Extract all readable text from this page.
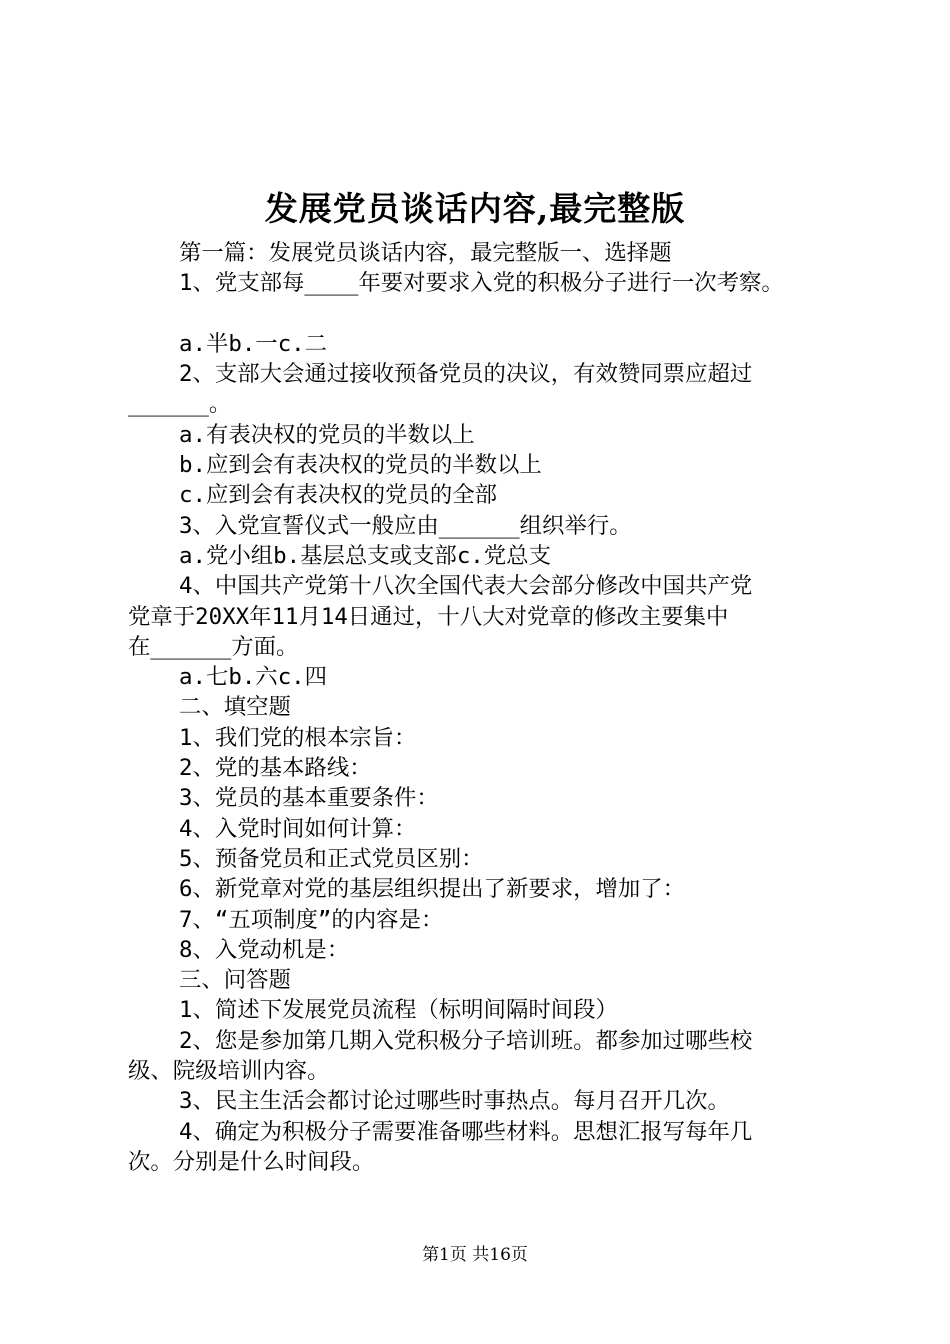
发展党员谈话内容,最完整版
第一篇：发展党员谈话内容，最完整版一、选择题
1、党支部每____年要对要求入党的积极分子进行一次考察。
a.半b.一c.二
2、支部大会通过接收预备党员的决议，有效赞同票应超过
______。
a.有表决权的党员的半数以上
b.应到会有表决权的党员的半数以上
c.应到会有表决权的党员的全部
3、入党宣誓仪式一般应由______组织举行。
a.党小组b.基层总支或支部c.党总支
4、中国共产党第十八次全国代表大会部分修改中国共产党
党章于20XX年11月14日通过，十八大对党章的修改主要集中
在______方面。
a.七b.六c.四
二、填空题
1、我们党的根本宗旨：
2、党的基本路线：
3、党员的基本重要条件：
4、入党时间如何计算：
5、预备党员和正式党员区别：
6、新党章对党的基层组织提出了新要求，增加了：
7、“五项制度”的内容是：
8、入党动机是：
三、问答题
1、简述下发展党员流程（标明间隔时间段）
2、您是参加第几期入党积极分子培训班。都参加过哪些校
级、院级培训内容。
3、民主生活会都讨论过哪些时事热点。每月召开几次。
4、确定为积极分子需要准备哪些材料。思想汇报写每年几
次。分别是什么时间段。
第1页 共16页
